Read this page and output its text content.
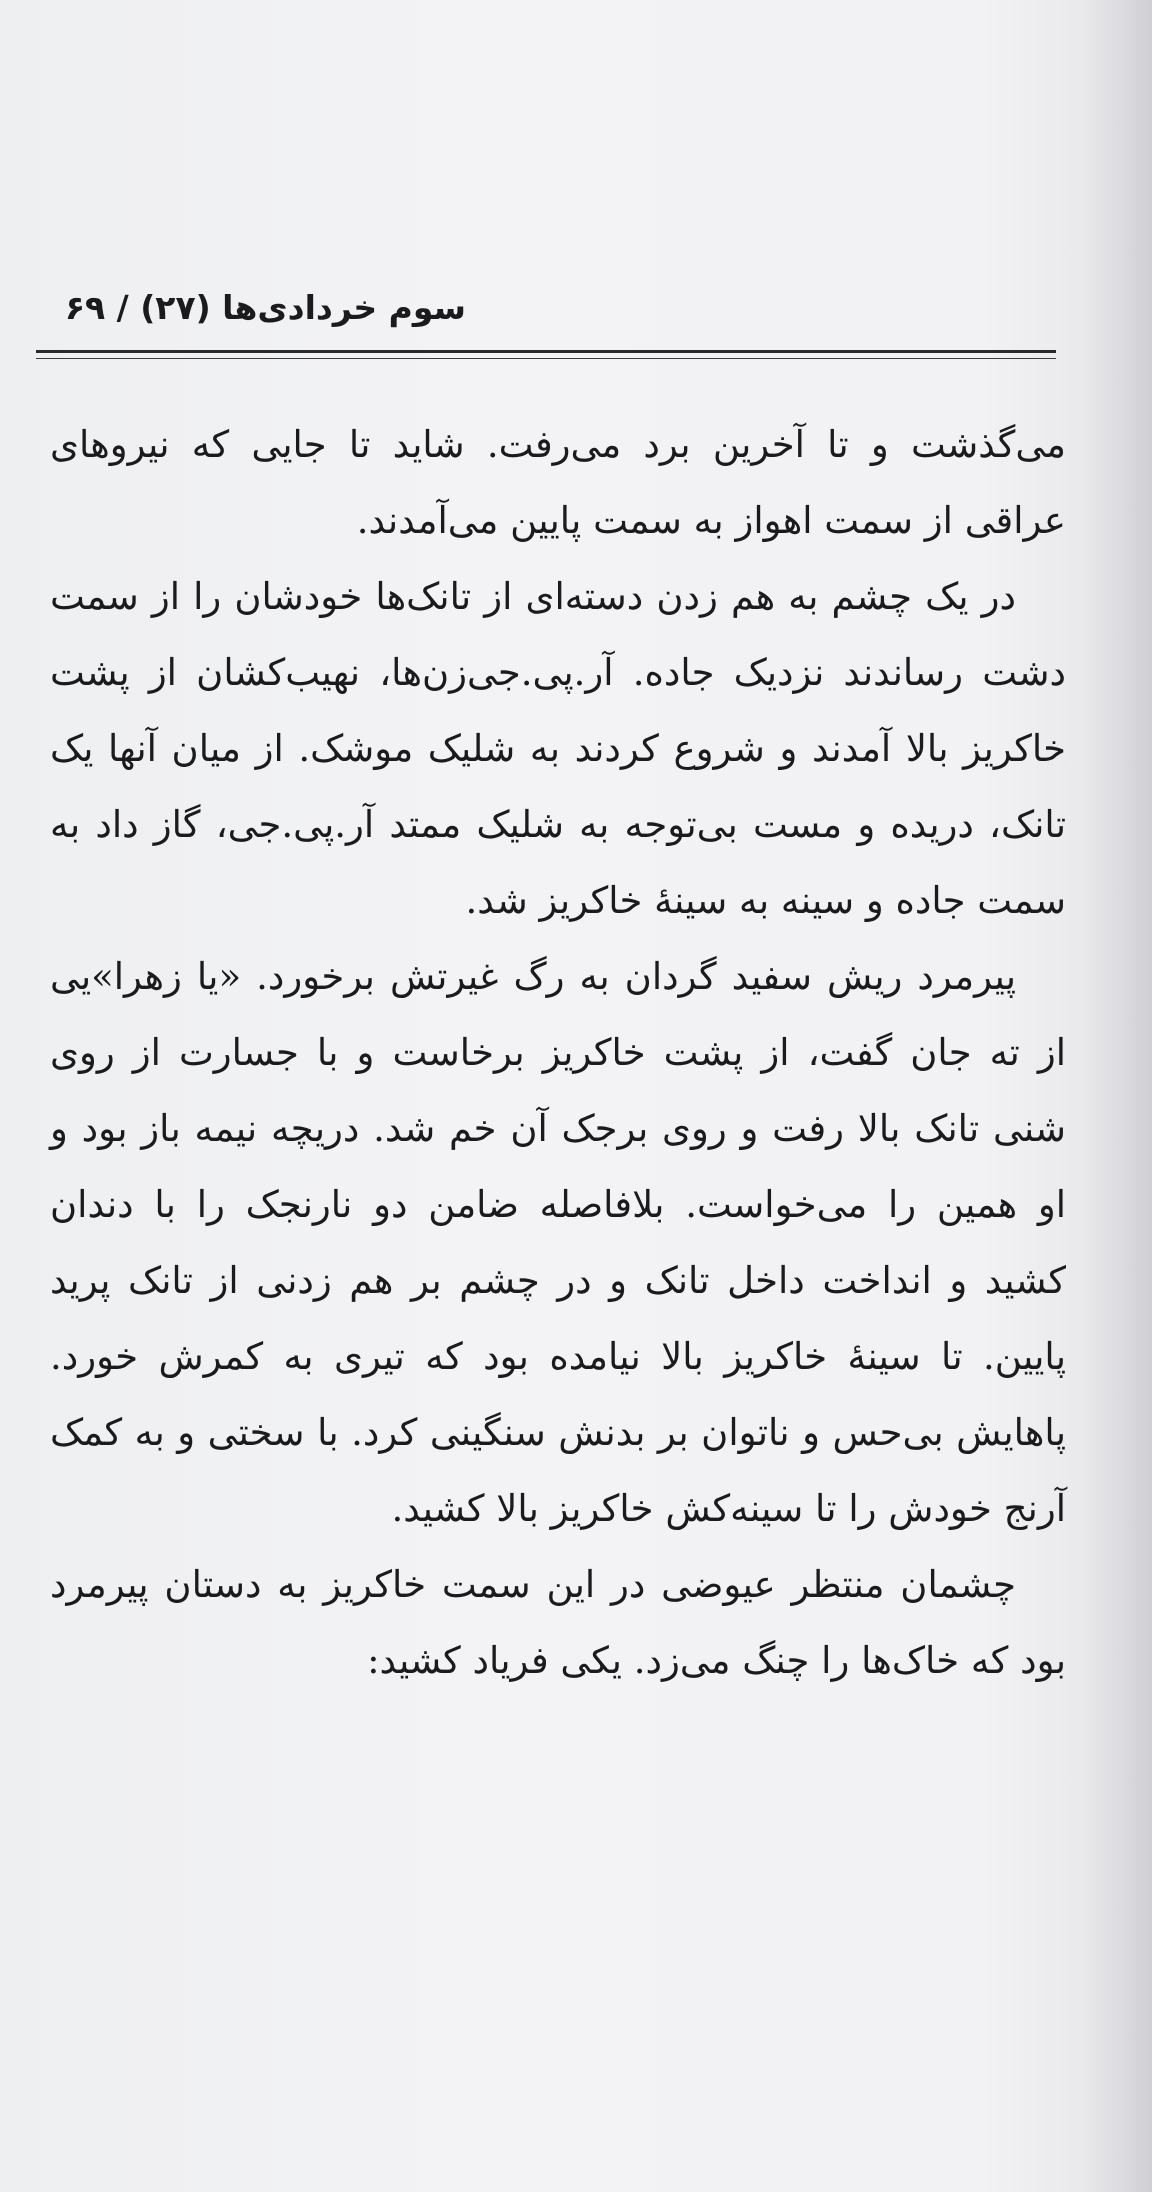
سوم خردادی‌ها (۲۷) / ۶۹

می‌گذشت و تا آخرین برد می‌رفت. شاید تا جایی که نیروهای عراقی از سمت اهواز به سمت پایین می‌آمدند.

در یک چشم به هم زدن دسته‌ای از تانک‌ها خودشان را از سمت دشت رساندند نزدیک جاده. آر.پی.جی‌زن‌ها، نهیب‌کشان از پشت خاکریز بالا آمدند و شروع کردند به شلیک موشک. از میان آنها یک تانک، دریده و مست بی‌توجه به شلیک ممتد آر.پی.جی، گاز داد به سمت جاده و سینه به سینهٔ خاکریز شد.

پیرمرد ریش سفید گردان به رگ غیرتش برخورد. «یا زهرا»یی از ته جان گفت، از پشت خاکریز برخاست و با جسارت از روی شنی تانک بالا رفت و روی برجک آن خم شد. دریچه نیمه باز بود و او همین را می‌خواست. بلافاصله ضامن دو نارنجک را با دندان کشید و انداخت داخل تانک و در چشم بر هم زدنی از تانک پرید پایین. تا سینهٔ خاکریز بالا نیامده بود که تیری به کمرش خورد. پاهایش بی‌حس و ناتوان بر بدنش سنگینی کرد. با سختی و به کمک آرنج خودش را تا سینه‌کش خاکریز بالا کشید.

چشمان منتظر عیوضی در این سمت خاکریز به دستان پیرمرد بود که خاک‌ها را چنگ می‌زد. یکی فریاد کشید:
